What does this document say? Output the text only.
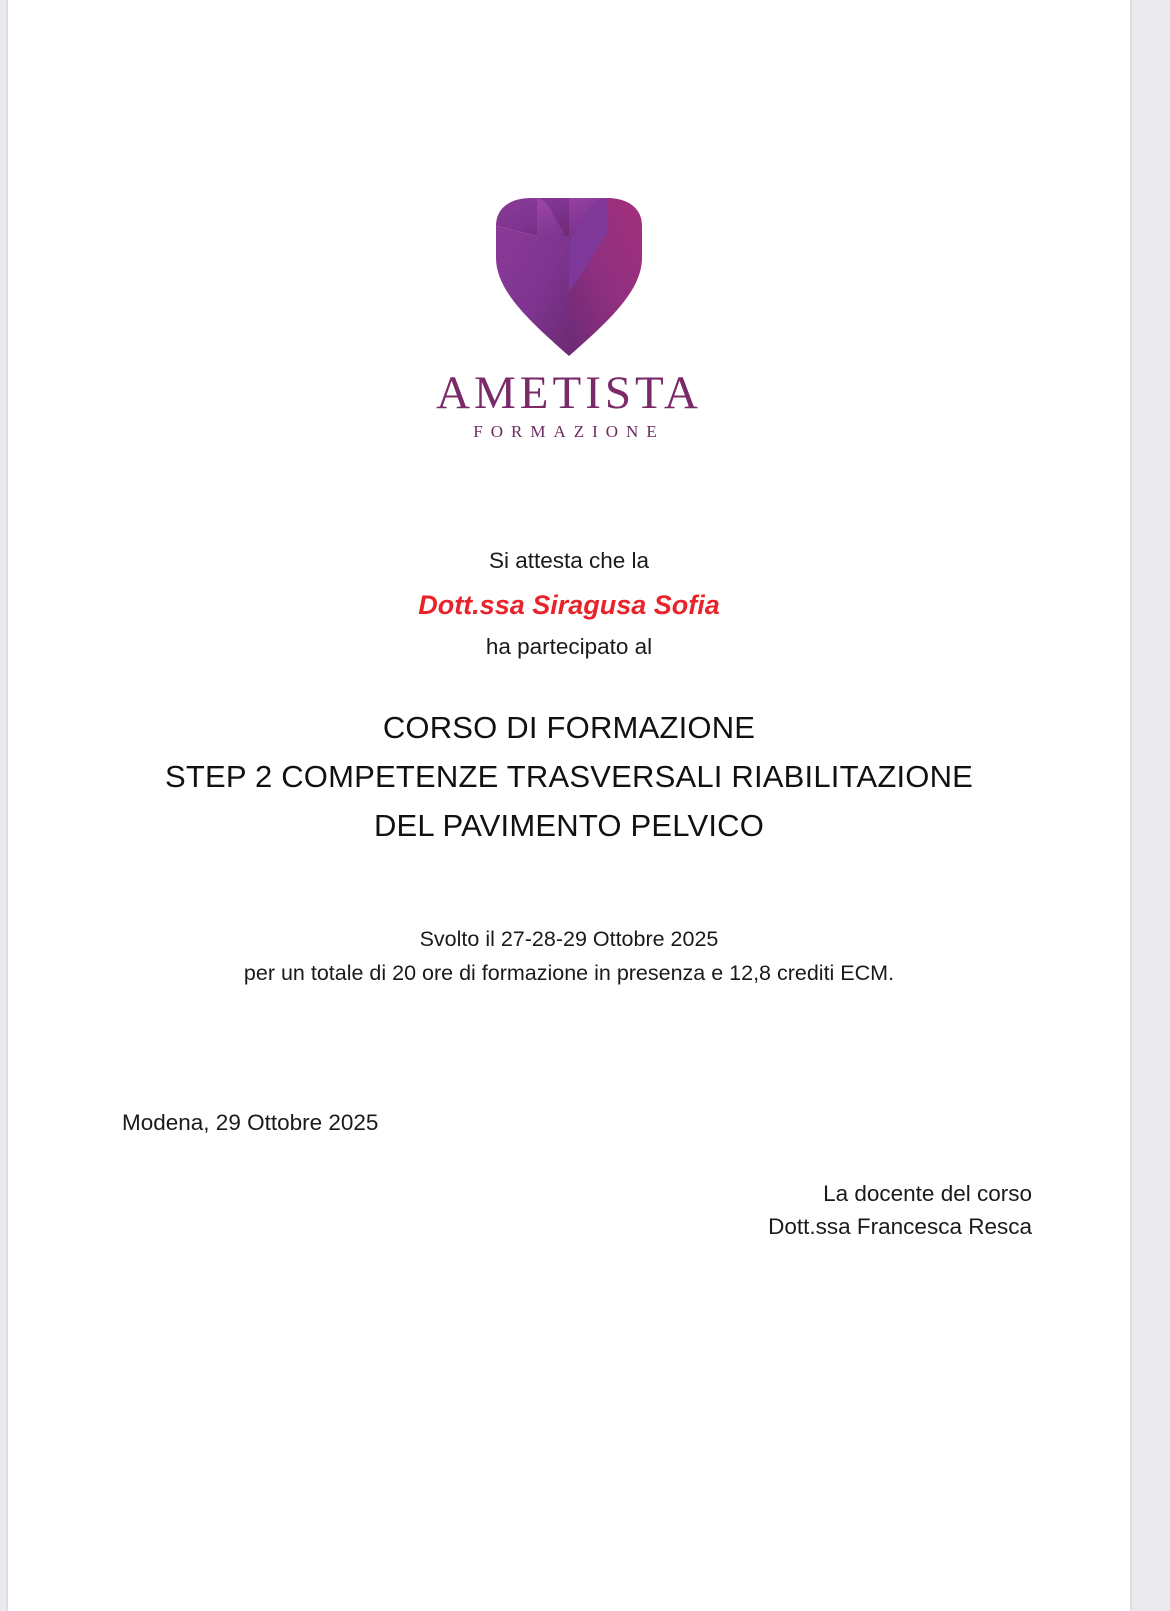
AMETISTA
FORMAZIONE
Si attesta che la
Dott.ssa Siragusa Sofia
ha partecipato al
CORSO DI FORMAZIONE
STEP 2 COMPETENZE TRASVERSALI RIABILITAZIONE
DEL PAVIMENTO PELVICO
Svolto il 27-28-29 Ottobre 2025
per un totale di 20 ore di formazione in presenza e 12,8 crediti ECM.
Modena, 29 Ottobre 2025
La docente del corso
Dott.ssa Francesca Resca
